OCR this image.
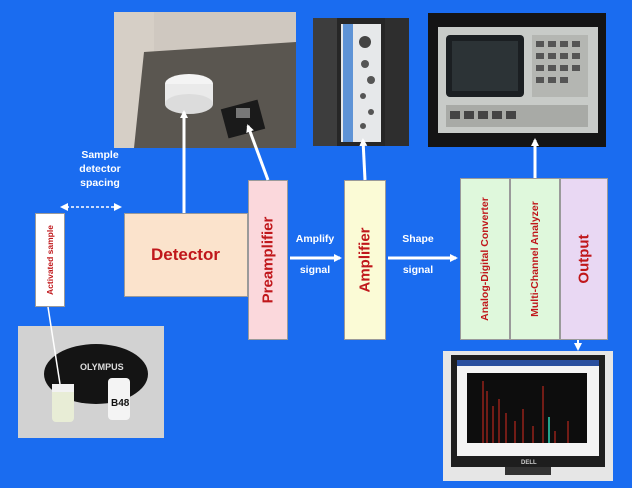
OLYMPUS
B48
DELL
Activated sample	Detector	Preamplifier	Amplifier	Analog-Digital Converter	Multi-Channel Analyzer Output
Sample
detector
spacing
Amplify
signal
Shape
signal
